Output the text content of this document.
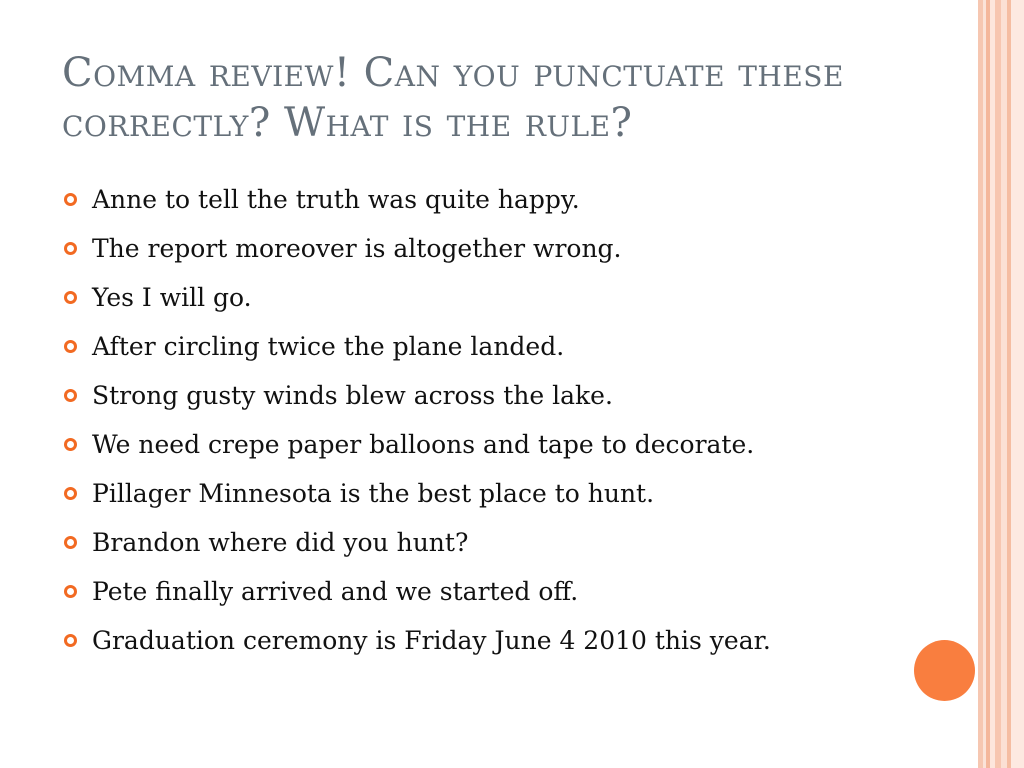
Comma review! Can you punctuate these correctly? What is the rule?
Anne to tell the truth was quite happy.
The report moreover is altogether wrong.
Yes I will go.
After circling twice the plane landed.
Strong gusty winds blew across the lake.
We need crepe paper balloons and tape to decorate.
Pillager Minnesota is the best place to hunt.
Brandon where did you hunt?
Pete finally arrived and we started off.
Graduation ceremony is Friday June 4 2010 this year.
